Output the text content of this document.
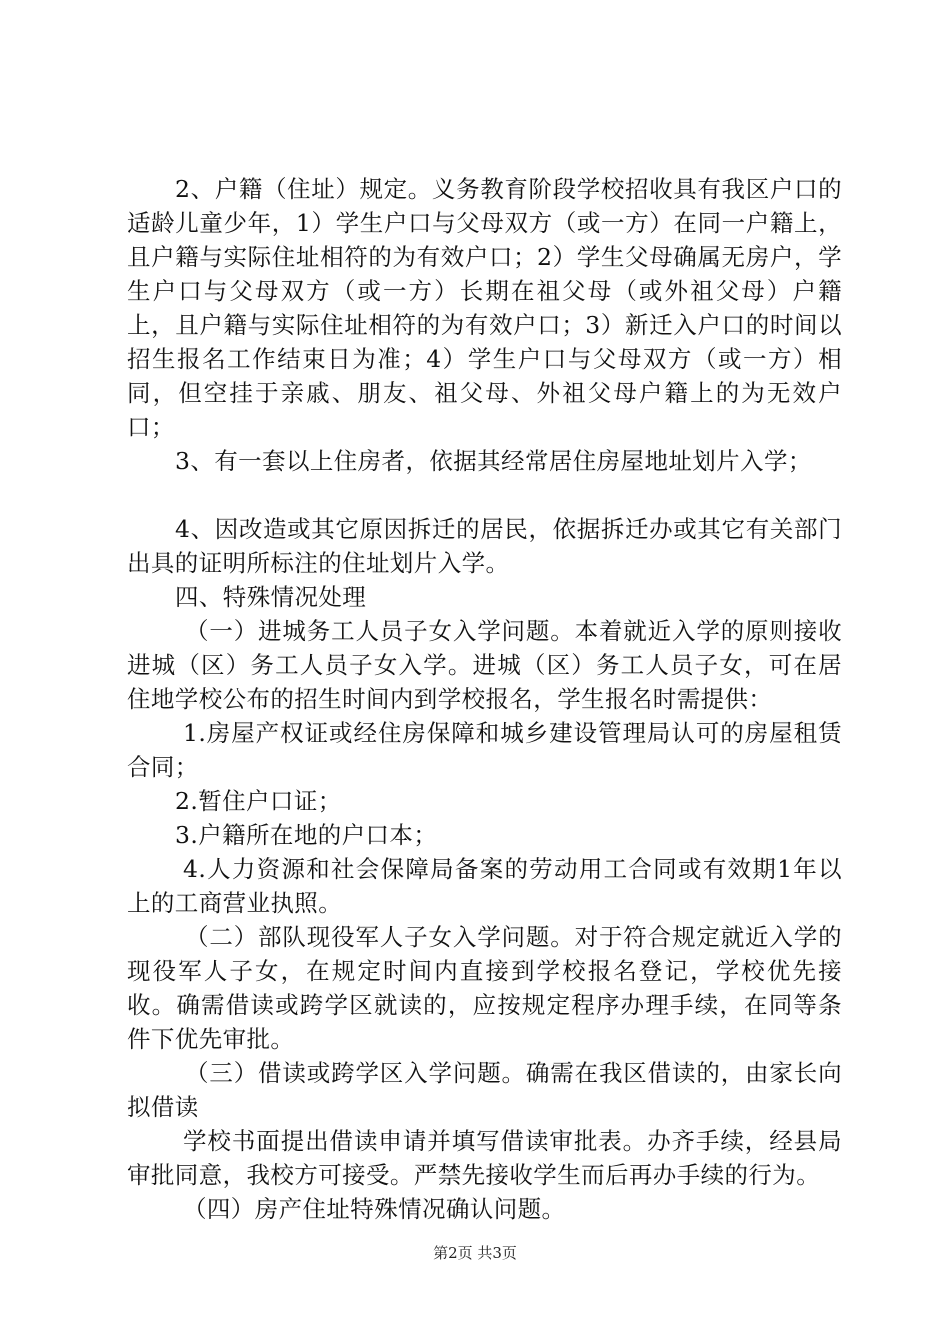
2、户籍（住址）规定。义务教育阶段学校招收具有我区户口的适龄儿童少年，1）学生户口与父母双方（或一方）在同一户籍上，且户籍与实际住址相符的为有效户口；2）学生父母确属无房户，学生户口与父母双方（或一方）长期在祖父母（或外祖父母）户籍上，且户籍与实际住址相符的为有效户口；3）新迁入户口的时间以招生报名工作结束日为准；4）学生户口与父母双方（或一方）相同，但空挂于亲戚、朋友、祖父母、外祖父母户籍上的为无效户口；

3、有一套以上住房者，依据其经常居住房屋地址划片入学；

4、因改造或其它原因拆迁的居民，依据拆迁办或其它有关部门出具的证明所标注的住址划片入学。

四、特殊情况处理

（一）进城务工人员子女入学问题。本着就近入学的原则接收进城（区）务工人员子女入学。进城（区）务工人员子女，可在居住地学校公布的招生时间内到学校报名，学生报名时需提供：

1.房屋产权证或经住房保障和城乡建设管理局认可的房屋租赁合同；

2.暂住户口证；

3.户籍所在地的户口本；

4.人力资源和社会保障局备案的劳动用工合同或有效期1年以上的工商营业执照。

（二）部队现役军人子女入学问题。对于符合规定就近入学的现役军人子女，在规定时间内直接到学校报名登记，学校优先接收。确需借读或跨学区就读的，应按规定程序办理手续，在同等条件下优先审批。

（三）借读或跨学区入学问题。确需在我区借读的，由家长向拟借读

学校书面提出借读申请并填写借读审批表。办齐手续，经县局审批同意，我校方可接受。严禁先接收学生而后再办手续的行为。

（四）房产住址特殊情况确认问题。

第2页 共3页
